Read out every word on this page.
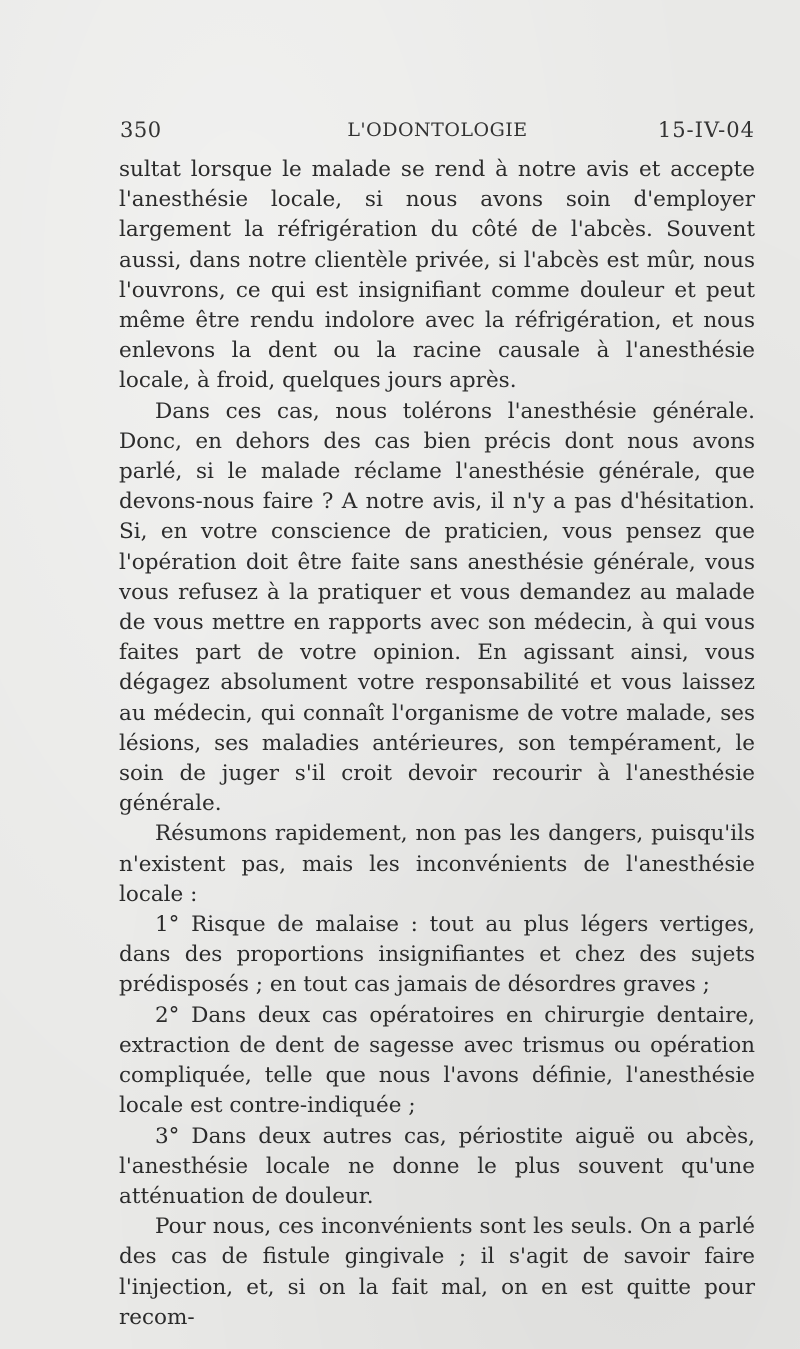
350	L'ODONTOLOGIE	15-IV-04

sultat lorsque le malade se rend à notre avis et accepte l'anesthésie locale, si nous avons soin d'employer largement la réfrigération du côté de l'abcès. Souvent aussi, dans notre clientèle privée, si l'abcès est mûr, nous l'ouvrons, ce qui est insignifiant comme douleur et peut même être rendu indolore avec la réfrigération, et nous enlevons la dent ou la racine causale à l'anesthésie locale, à froid, quelques jours après.

Dans ces cas, nous tolérons l'anesthésie générale. Donc, en dehors des cas bien précis dont nous avons parlé, si le malade réclame l'anesthésie générale, que devons-nous faire ? A notre avis, il n'y a pas d'hésitation. Si, en votre conscience de praticien, vous pensez que l'opération doit être faite sans anesthésie générale, vous vous refusez à la pratiquer et vous demandez au malade de vous mettre en rapports avec son médecin, à qui vous faites part de votre opinion. En agissant ainsi, vous dégagez absolument votre responsabilité et vous laissez au médecin, qui connaît l'organisme de votre malade, ses lésions, ses maladies antérieures, son tempérament, le soin de juger s'il croit devoir recourir à l'anesthésie générale.

Résumons rapidement, non pas les dangers, puisqu'ils n'existent pas, mais les inconvénients de l'anesthésie locale :

1° Risque de malaise : tout au plus légers vertiges, dans des proportions insignifiantes et chez des sujets prédisposés ; en tout cas jamais de désordres graves ;

2° Dans deux cas opératoires en chirurgie dentaire, extraction de dent de sagesse avec trismus ou opération compliquée, telle que nous l'avons définie, l'anesthésie locale est contre-indiquée ;

3° Dans deux autres cas, périostite aiguë ou abcès, l'anesthésie locale ne donne le plus souvent qu'une atténuation de douleur.

Pour nous, ces inconvénients sont les seuls. On a parlé des cas de fistule gingivale ; il s'agit de savoir faire l'injection, et, si on la fait mal, on en est quitte pour recom-
